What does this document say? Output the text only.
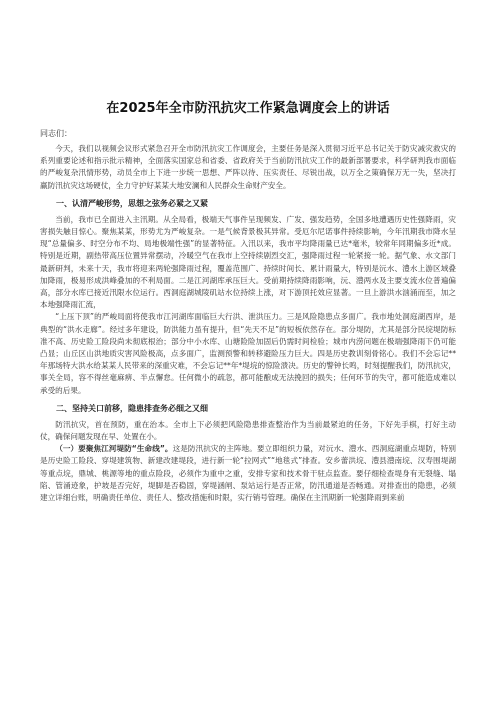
在2025年全市防汛抗灾工作紧急调度会上的讲话
同志们：

今天，我们以视频会议形式紧急召开全市防汛抗灾工作调度会，主要任务是深入贯彻习近平总书记关于防灾减灾救灾的系列重要论述和指示批示精神，全面落实国家总和省委、省政府关于当前防汛抗灾工作的最新部署要求，科学研判我市面临的严峻复杂汛情形势，动员全市上下进一步统一思想、严阵以待、压实责任、尽锐出战，以万全之策确保万无一失，坚决打赢防汛抗灾这场硬仗，全力守护好某某大地安澜和人民群众生命财产安全。

一、认清严峻形势，思想之弦务必紧之又紧

当前，我市已全面进入主汛期。从全局看，极端天气事件呈现频发、广发、强发趋势，全国多地遭遇历史性强降雨，灾害损失触目惊心。聚焦某某，形势尤为严峻复杂。一是气候背景极其异常。受厄尔尼诺事件持续影响，今年汛期我市降水呈现“总量偏多、时空分布不均、局地极端性强”的显著特征。入汛以来，我市平均降雨量已达*毫米，较常年同期偏多近*成。特别是近期，副热带高压位置异常摆动，冷暖空气在我市上空持续剧烈交汇，强降雨过程一轮紧接一轮。据气象、水文部门最新研判，未来十天，我市将迎来两轮强降雨过程，覆盖范围广、持续时间长、累计雨量大，特别是沅水、澧水上游区域叠加降雨，极易形成洪峰叠加的不利局面。二是江河湖库承压巨大。受前期持续降雨影响，沅、澧两水及主要支流水位普遍偏高，部分水库已接近汛限水位运行。西洞庭湖城陵矶站水位持续上涨，对下游顶托效应显著。一旦上游洪水汹涌而至，加之本地强降雨汇流，

“上压下顶”的严峻局面将使我市江河湖库面临巨大行洪、泄洪压力。三是风险隐患点多面广。我市地处洞庭湖西岸，是典型的“洪水走廊”。经过多年建设，防洪能力虽有提升，但“先天不足”的短板依然存在。部分堤防，尤其是部分民垸堤防标准不高、历史险工险段尚未彻底根治；部分中小水库、山塘险险加固后仍需时间检验；城市内涝问题在极端强降雨下仍可能凸显；山丘区山洪地质灾害风险极高，点多面广，监测预警和转移避险压力巨大。四是历史教训刻骨铭心。我们不会忘记**年那场特大洪水给某某人民带来的深重灾难，不会忘记**年*堤垸的惊险溃决。历史的警钟长鸣，时刻提醒我们，防汛抗灾，事关全局，容不得丝毫麻痹、半点懈怠。任何微小的疏忽，都可能酿成无法挽回的损失；任何环节的失守，都可能造成难以承受的后果。

二、坚持关口前移，隐患排查务必细之又细

防汛抗灾，首在预防，重在治本。全市上下必须把风险隐患排查整治作为当前最紧迫的任务，下好先手棋，打好主动仗，确保问题发现在早、处置在小。

（一）要聚焦江河堤防“生命线”。这是防汛抗灾的主阵地。要立即组织力量，对沅水、澧水、西洞庭湖重点堤防，特别是历史险工险段、穿堤建筑物、新建改建堤段，进行新一轮“拉网式”“地毯式”排查。安乡蕾洪垸、澧县澧南垸、汉寿围堤湖等重点垸，鼎城、桃源等地的重点险段，必须作为重中之重，安排专家和技术骨干驻点监查。要仔细检查堤身有无裂缝、塌陷、管涌迹象，护坡是否完好，堤脚是否稳固，穿堤涵闸、泵站运行是否正常，防汛通道是否畅通。对排查出的隐患，必须建立详细台账，明确责任单位、责任人、整改措施和时限，实行销号管理。确保在主汛期新一轮强降雨到来前
